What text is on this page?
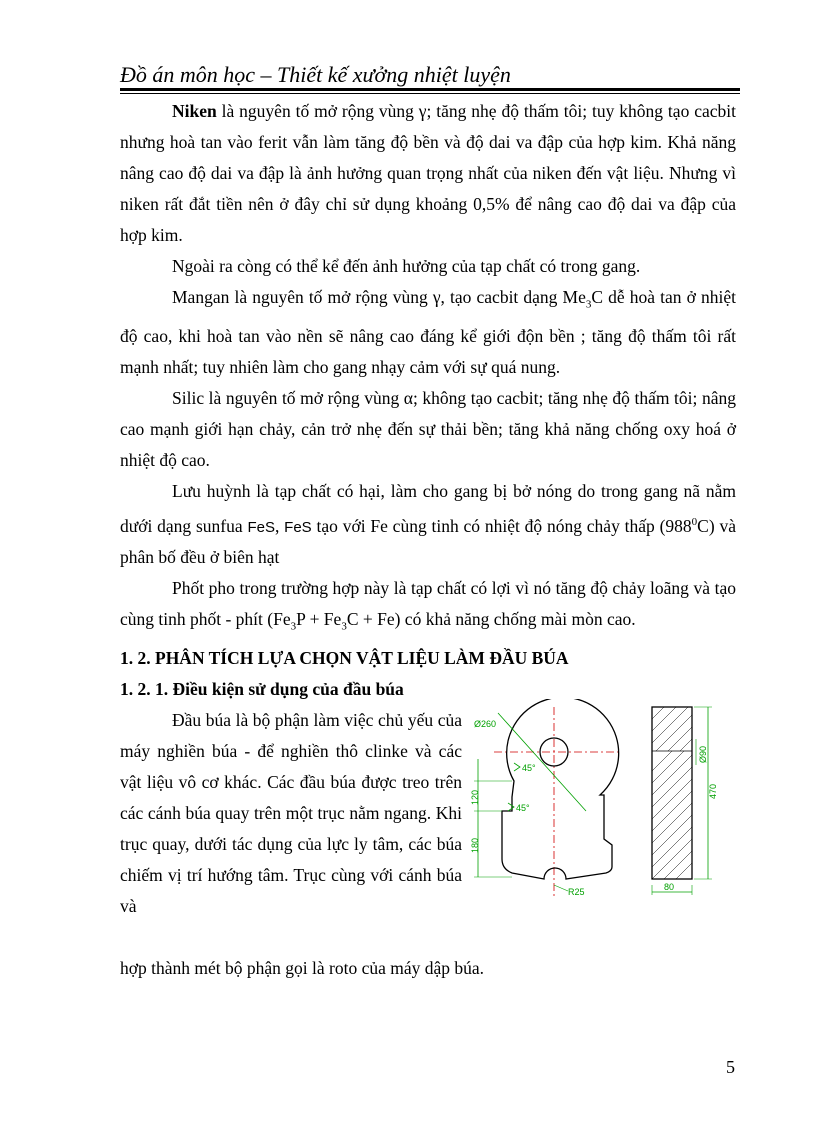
Đồ án môn học – Thiết kế xưởng nhiệt luyện

Niken là nguyên tố mở rộng vùng γ; tăng nhẹ độ thấm tôi; tuy không tạo cacbit nhưng hoà tan vào ferit vẫn làm tăng độ bền và độ dai va đập của hợp kim. Khả năng nâng cao độ dai va đập là ảnh hưởng quan trọng nhất của niken đến vật liệu. Nhưng vì niken rất đắt tiền nên ở đây chỉ sử dụng khoảng 0,5% để nâng cao độ dai va đập của hợp kim.

Ngoài ra còng có thể kể đến ảnh hưởng của tạp chất có trong gang.

Mangan là nguyên tố mở rộng vùng γ, tạo cacbit dạng $Me_3C$ dễ hoà tan ở nhiệt độ cao, khi hoà tan vào nền sẽ nâng cao đáng kể giới độn bền ; tăng độ thấm tôi rất mạnh nhất; tuy nhiên làm cho gang nhạy cảm với sự quá nung.

Silic là nguyên tố mở rộng vùng α; không tạo cacbit; tăng nhẹ độ thấm tôi; nâng cao mạnh giới hạn chảy, cản trở nhẹ đến sự thải bền; tăng khả năng chống oxy hoá ở nhiệt độ cao.

Lưu huỳnh là tạp chất có hại, làm cho gang bị bở nóng do trong gang nã nằm dưới dạng sunfua FeS, FeS tạo với Fe cùng tinh có nhiệt độ nóng chảy thấp $(988^0C)$ và phân bố đều ở biên hạt

Phốt pho trong trường hợp này là tạp chất có lợi vì nó tăng độ chảy loãng và tạo cùng tinh phốt - phít $(Fe_3P + Fe_3C + Fe)$ có khả năng chống mài mòn cao.

1. 2. PHÂN TÍCH LỰA CHỌN VẬT LIỆU LÀM ĐẦU BÚA

1. 2. 1. Điều kiện sử dụng của đầu búa

Đầu búa là bộ phận làm việc chủ yếu của máy nghiền búa - để nghiền thô clinke và các vật liệu vô cơ khác. Các đầu búa được treo trên các cánh búa quay trên một trục nằm ngang. Khi trục quay, dưới tác dụng của lực ly tâm, các búa chiếm vị trí hướng tâm. Trục cùng với cánh búa và

Ø260
45°
45°
120
180
R25
470
Ø90
80

hợp thành mét bộ phận gọi là roto của máy dập búa.

5
